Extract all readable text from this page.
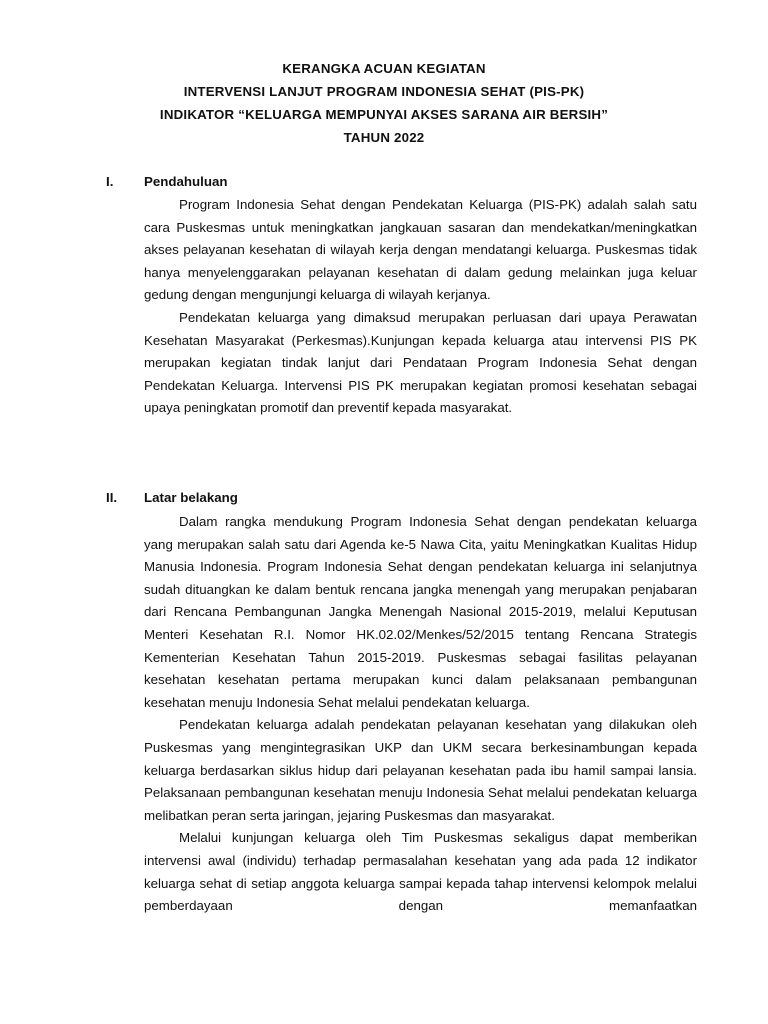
KERANGKA ACUAN KEGIATAN
INTERVENSI LANJUT PROGRAM INDONESIA SEHAT (PIS-PK)
INDIKATOR “KELUARGA MEMPUNYAI AKSES SARANA AIR BERSIH”
TAHUN 2022
I. Pendahuluan

Program Indonesia Sehat dengan Pendekatan Keluarga (PIS-PK) adalah salah satu cara Puskesmas untuk meningkatkan jangkauan sasaran dan mendekatkan/meningkatkan akses pelayanan kesehatan di wilayah kerja dengan mendatangi keluarga. Puskesmas tidak hanya menyelenggarakan pelayanan kesehatan di dalam gedung melainkan juga keluar gedung dengan mengunjungi keluarga di wilayah kerjanya.

Pendekatan keluarga yang dimaksud merupakan perluasan dari upaya Perawatan Kesehatan Masyarakat (Perkesmas).Kunjungan kepada keluarga atau intervensi PIS PK merupakan kegiatan tindak lanjut dari Pendataan Program Indonesia Sehat dengan Pendekatan Keluarga. Intervensi PIS PK merupakan kegiatan promosi kesehatan sebagai upaya peningkatan promotif dan preventif kepada masyarakat.

II. Latar belakang

Dalam rangka mendukung Program Indonesia Sehat dengan pendekatan keluarga yang merupakan salah satu dari Agenda ke-5 Nawa Cita, yaitu Meningkatkan Kualitas Hidup Manusia Indonesia. Program Indonesia Sehat dengan pendekatan keluarga ini selanjutnya sudah dituangkan ke dalam bentuk rencana jangka menengah yang merupakan penjabaran dari Rencana Pembangunan Jangka Menengah Nasional 2015-2019, melalui Keputusan Menteri Kesehatan R.I. Nomor HK.02.02/Menkes/52/2015 tentang Rencana Strategis Kementerian Kesehatan Tahun 2015-2019. Puskesmas sebagai fasilitas pelayanan kesehatan kesehatan pertama merupakan kunci dalam pelaksanaan pembangunan kesehatan menuju Indonesia Sehat melalui pendekatan keluarga.

Pendekatan keluarga adalah pendekatan pelayanan kesehatan yang dilakukan oleh Puskesmas yang mengintegrasikan UKP dan UKM secara berkesinambungan kepada keluarga berdasarkan siklus hidup dari pelayanan kesehatan pada ibu hamil sampai lansia. Pelaksanaan pembangunan kesehatan menuju Indonesia Sehat melalui pendekatan keluarga melibatkan peran serta jaringan, jejaring Puskesmas dan masyarakat.

Melalui kunjungan keluarga oleh Tim Puskesmas sekaligus dapat memberikan intervensi awal (individu) terhadap permasalahan kesehatan yang ada pada 12 indikator keluarga sehat di setiap anggota keluarga sampai kepada tahap intervensi kelompok melalui pemberdayaan dengan memanfaatkan
